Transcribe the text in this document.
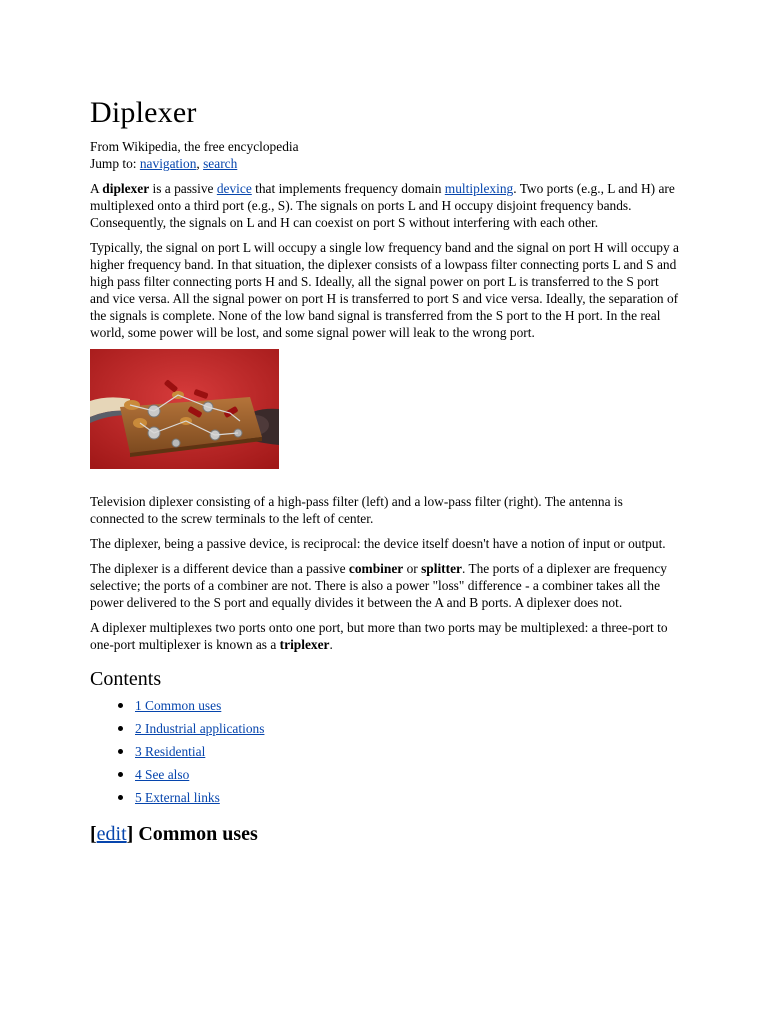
Diplexer
From Wikipedia, the free encyclopedia
Jump to: navigation, search

A diplexer is a passive device that implements frequency domain multiplexing. Two ports (e.g., L and H) are multiplexed onto a third port (e.g., S). The signals on ports L and H occupy disjoint frequency bands. Consequently, the signals on L and H can coexist on port S without interfering with each other.

Typically, the signal on port L will occupy a single low frequency band and the signal on port H will occupy a higher frequency band. In that situation, the diplexer consists of a lowpass filter connecting ports L and S and high pass filter connecting ports H and S. Ideally, all the signal power on port L is transferred to the S port and vice versa. All the signal power on port H is transferred to port S and vice versa. Ideally, the separation of the signals is complete. None of the low band signal is transferred from the S port to the H port. In the real world, some power will be lost, and some signal power will leak to the wrong port.

Television diplexer consisting of a high-pass filter (left) and a low-pass filter (right). The antenna is connected to the screw terminals to the left of center.

The diplexer, being a passive device, is reciprocal: the device itself doesn't have a notion of input or output.

The diplexer is a different device than a passive combiner or splitter. The ports of a diplexer are frequency selective; the ports of a combiner are not. There is also a power "loss" difference - a combiner takes all the power delivered to the S port and equally divides it between the A and B ports. A diplexer does not.

A diplexer multiplexes two ports onto one port, but more than two ports may be multiplexed: a three-port to one-port multiplexer is known as a triplexer.

Contents
1 Common uses
2 Industrial applications
3 Residential
4 See also
5 External links
[edit] Common uses
